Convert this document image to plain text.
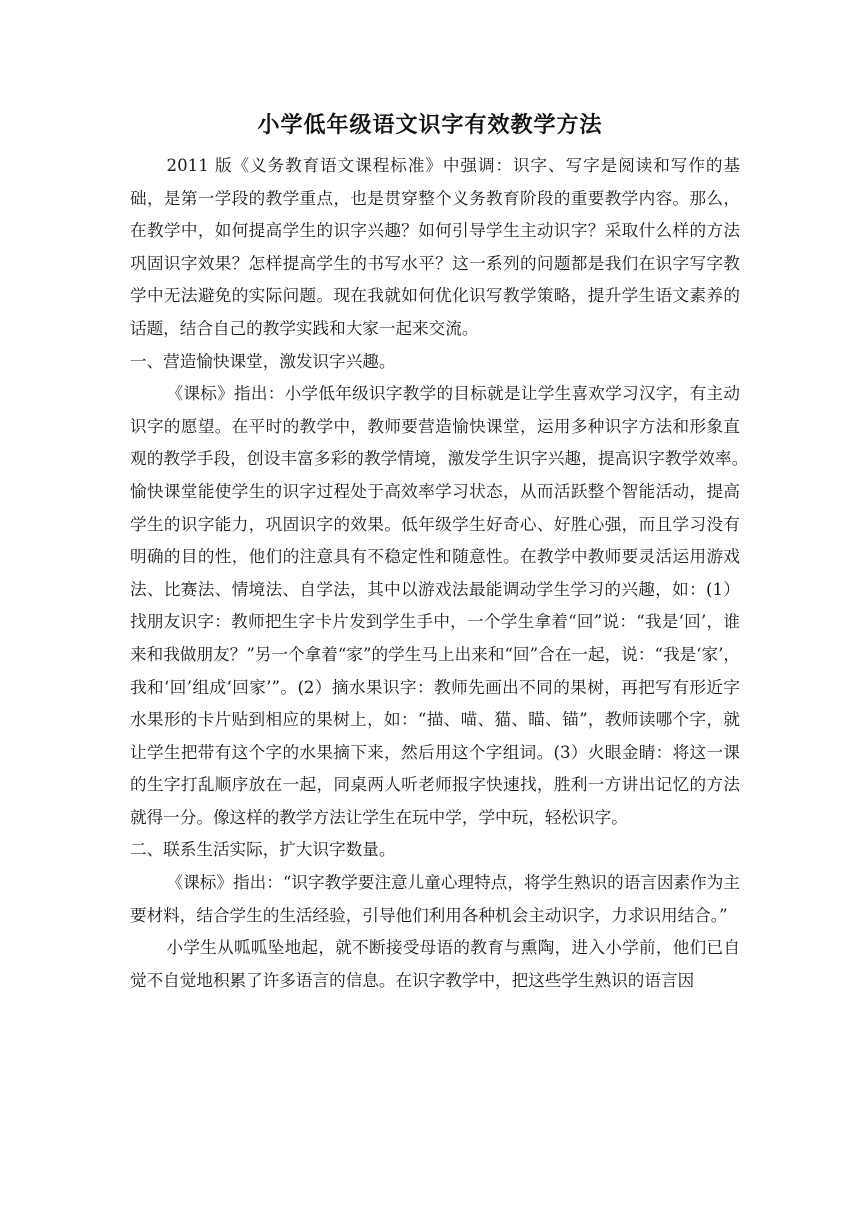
小学低年级语文识字有效教学方法

2011 版《义务教育语文课程标准》中强调：识字、写字是阅读和写作的基础，是第一学段的教学重点，也是贯穿整个义务教育阶段的重要教学内容。那么，在教学中，如何提高学生的识字兴趣？如何引导学生主动识字？采取什么样的方法巩固识字效果？怎样提高学生的书写水平？这一系列的问题都是我们在识字写字教学中无法避免的实际问题。现在我就如何优化识写教学策略，提升学生语文素养的话题，结合自己的教学实践和大家一起来交流。

一、营造愉快课堂，激发识字兴趣。

《课标》指出：小学低年级识字教学的目标就是让学生喜欢学习汉字，有主动识字的愿望。在平时的教学中，教师要营造愉快课堂，运用多种识字方法和形象直观的教学手段，创设丰富多彩的教学情境，激发学生识字兴趣，提高识字教学效率。　愉快课堂能使学生的识字过程处于高效率学习状态，从而活跃整个智能活动，提高学生的识字能力，巩固识字的效果。低年级学生好奇心、好胜心强，而且学习没有明确的目的性，他们的注意具有不稳定性和随意性。在教学中教师要灵活运用游戏法、比赛法、情境法、自学法，其中以游戏法最能调动学生学习的兴趣，如：(1）找朋友识字：教师把生字卡片发到学生手中，一个学生拿着“回”说：“我是‘回’，谁来和我做朋友？”另一个拿着“家”的学生马上出来和“回”合在一起，说：“我是‘家’，我和‘回’组成‘回家’”。(2）摘水果识字：教师先画出不同的果树，再把写有形近字水果形的卡片贴到相应的果树上，如：“描、喵、猫、瞄、锚”，教师读哪个字，就让学生把带有这个字的水果摘下来，然后用这个字组词。(3）火眼金睛：将这一课的生字打乱顺序放在一起，同桌两人听老师报字快速找，胜利一方讲出记忆的方法就得一分。像这样的教学方法让学生在玩中学，学中玩，轻松识字。

二、联系生活实际，扩大识字数量。

《课标》指出：“识字教学要注意儿童心理特点，将学生熟识的语言因素作为主要材料，结合学生的生活经验，引导他们利用各种机会主动识字，力求识用结合。”

小学生从呱呱坠地起，就不断接受母语的教育与熏陶，进入小学前，他们已自觉不自觉地积累了许多语言的信息。在识字教学中，把这些学生熟识的语言因
